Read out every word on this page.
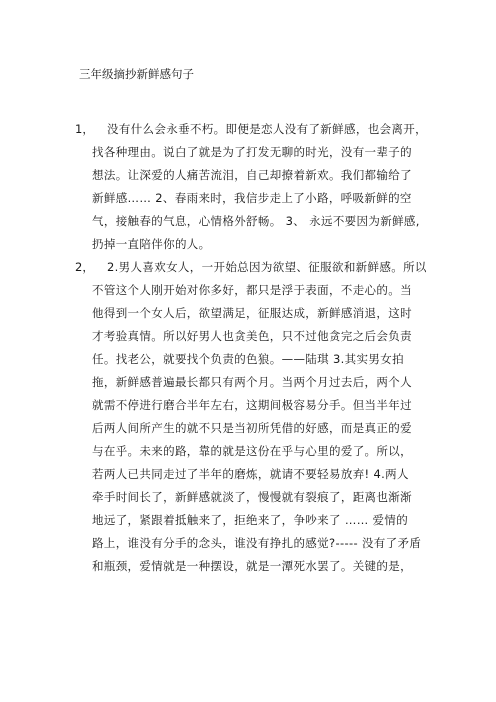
三年级摘抄新鲜感句子
1， 没有什么会永垂不朽。即便是恋人没有了新鲜感，也会离开，
找各种理由。说白了就是为了打发无聊的时光，没有一辈子的
想法。让深爱的人痛苦流泪，自己却撩着新欢。我们都输给了
新鲜感…… 2、春雨来时，我信步走上了小路，呼吸新鲜的空
气，接触春的气息，心情格外舒畅。 3、 永远不要因为新鲜感,
扔掉一直陪伴你的人。
2， 2.男人喜欢女人，一开始总因为欲望、征服欲和新鲜感。所以
不管这个人刚开始对你多好，都只是浮于表面，不走心的。当
他得到一个女人后，欲望满足，征服达成，新鲜感消退，这时
才考验真情。所以好男人也贪美色，只不过他贪完之后会负责
任。找老公，就要找个负责的色狼。——陆琪 3.其实男女拍
拖，新鲜感普遍最长都只有两个月。当两个月过去后，两个人
就需不停进行磨合半年左右，这期间极容易分手。但当半年过
后两人间所产生的就不只是当初所凭借的好感，而是真正的爱
与在乎。未来的路，靠的就是这份在乎与心里的爱了。所以，
若两人已共同走过了半年的磨炼，就请不要轻易放弃! 4.两人
牵手时间长了，新鲜感就淡了，慢慢就有裂痕了，距离也渐渐
地远了，紧跟着抵触来了，拒绝来了，争吵来了 …… 爱情的
路上，谁没有分手的念头，谁没有挣扎的感觉?----- 没有了矛盾
和瓶颈，爱情就是一种摆设，就是一潭死水罢了。关键的是，
